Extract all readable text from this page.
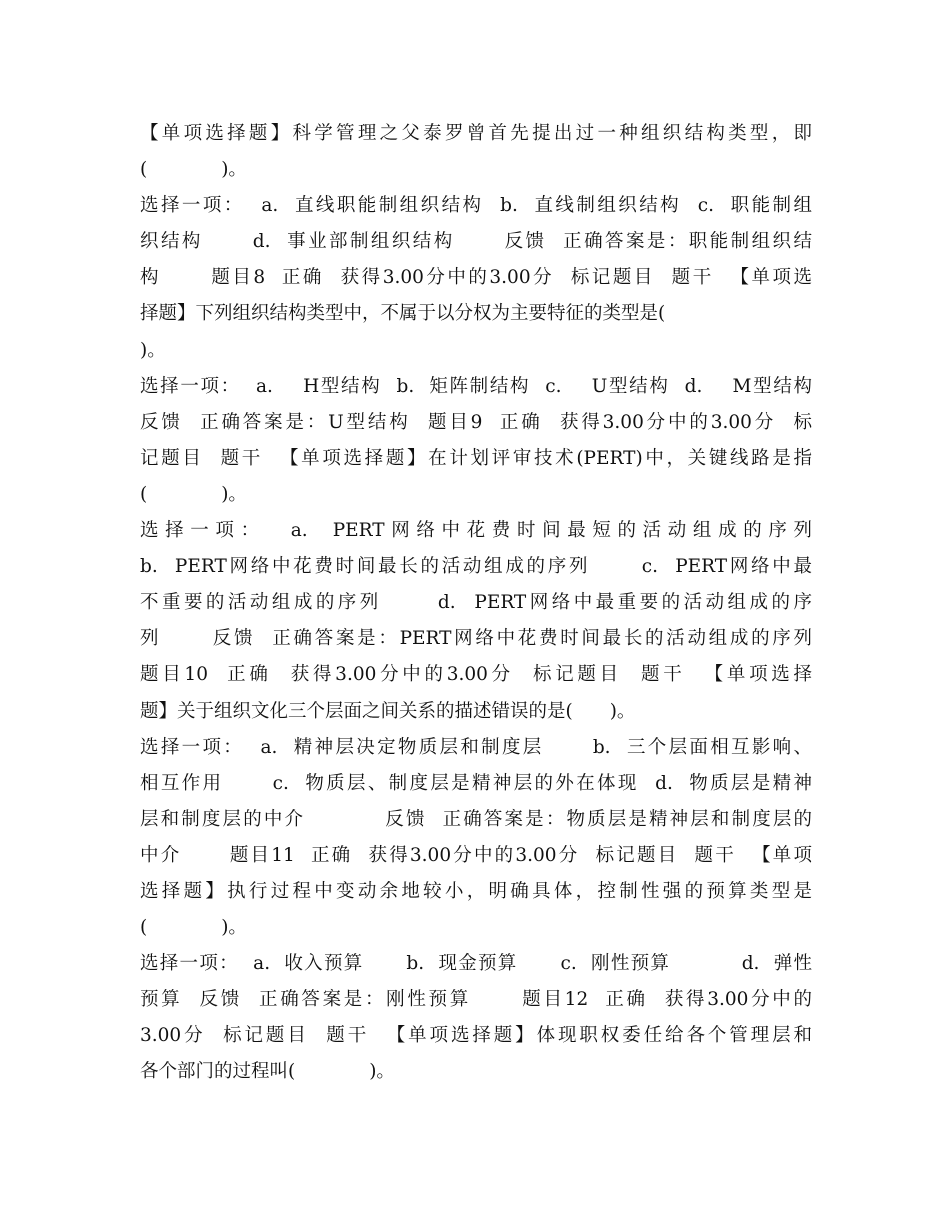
【单项选择题】科学管理之父泰罗曾首先提出过一种组织结构类型，即
(　　　　)。
选择一项：  a.  直线职能制组织结构  b.  直线制组织结构  c.  职能制组
织结构      d.  事业部制组织结构      反馈  正确答案是：职能制组织结
构      题目8  正确  获得3.00分中的3.00分  标记题目  题干  【单项选
择题】下列组织结构类型中，不属于以分权为主要特征的类型是(
)。
选择一项：  a.    H型结构  b.  矩阵制结构  c.    U型结构  d.    M型结构
反馈  正确答案是：U型结构  题目9  正确  获得3.00分中的3.00分  标
记题目  题干  【单项选择题】在计划评审技术(PERT)中，关键线路是指
(　　　　)。
选择一项：  a.  PERT网络中花费时间最短的活动组成的序列
b.  PERT网络中花费时间最长的活动组成的序列      c.  PERT网络中最
不重要的活动组成的序列      d.  PERT网络中最重要的活动组成的序
列      反馈  正确答案是：PERT网络中花费时间最长的活动组成的序列
题目10  正确  获得3.00分中的3.00分  标记题目  题干  【单项选择
题】关于组织文化三个层面之间关系的描述错误的是(　　)。
选择一项：  a.  精神层决定物质层和制度层      b.  三个层面相互影响、
相互作用      c.  物质层、制度层是精神层的外在体现  d.  物质层是精神
层和制度层的中介          反馈  正确答案是：物质层是精神层和制度层的
中介      题目11  正确  获得3.00分中的3.00分  标记题目  题干  【单项
选择题】执行过程中变动余地较小，明确具体，控制性强的预算类型是
(　　　　)。
选择一项：  a.  收入预算      b.  现金预算      c.  刚性预算          d.  弹性
预算  反馈  正确答案是：刚性预算      题目12  正确  获得3.00分中的
3.00分  标记题目  题干  【单项选择题】体现职权委任给各个管理层和
各个部门的过程叫(　　　　)。
